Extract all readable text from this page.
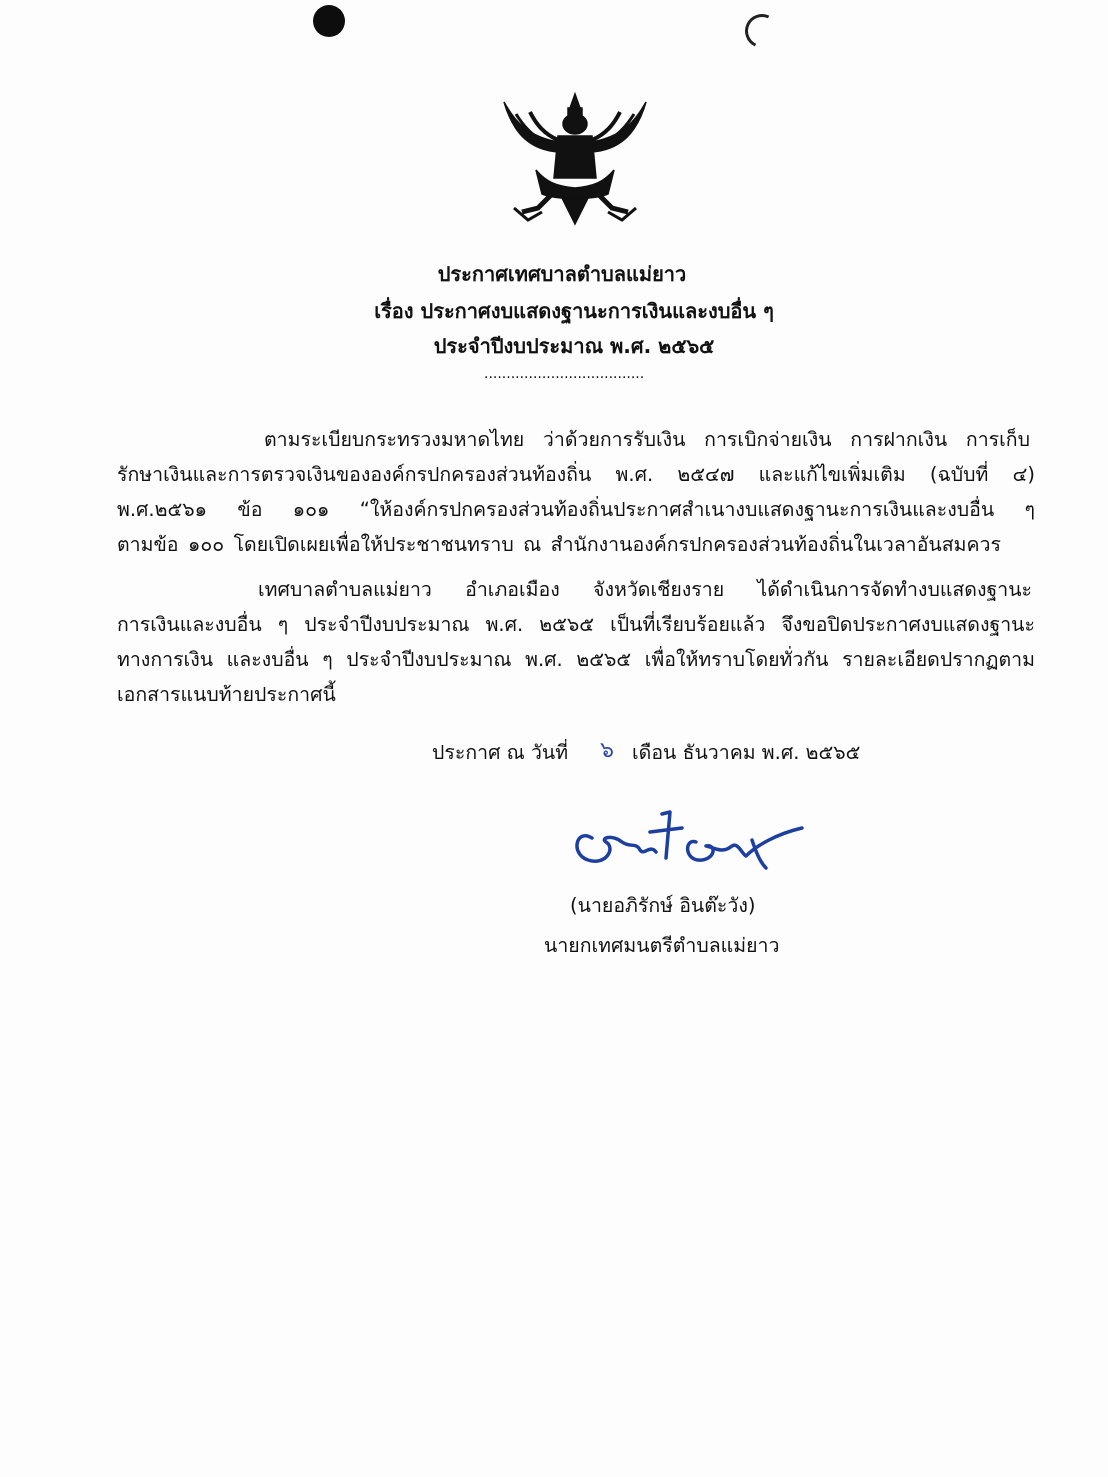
ประกาศเทศบาลตำบลแม่ยาว
เรื่อง ประกาศงบแสดงฐานะการเงินและงบอื่น ๆ
ประจำปีงบประมาณ พ.ศ. ๒๕๖๕
....................................
ตามระเบียบกระทรวงมหาดไทย ว่าด้วยการรับเงิน การเบิกจ่ายเงิน การฝากเงิน การเก็บ
รักษาเงินและการตรวจเงินขององค์กรปกครองส่วนท้องถิ่น พ.ศ. ๒๕๔๗ และแก้ไขเพิ่มเติม (ฉบับที่ ๔)
พ.ศ.๒๕๖๑ ข้อ ๑๐๑ “ให้องค์กรปกครองส่วนท้องถิ่นประกาศสำเนางบแสดงฐานะการเงินและงบอื่น ๆ
ตามข้อ ๑๐๐ โดยเปิดเผยเพื่อให้ประชาชนทราบ ณ สำนักงานองค์กรปกครองส่วนท้องถิ่นในเวลาอันสมควร
เทศบาลตำบลแม่ยาว อำเภอเมือง จังหวัดเชียงราย ได้ดำเนินการจัดทำงบแสดงฐานะ
การเงินและงบอื่น ๆ ประจำปีงบประมาณ พ.ศ. ๒๕๖๕ เป็นที่เรียบร้อยแล้ว จึงขอปิดประกาศงบแสดงฐานะ
ทางการเงิน และงบอื่น ๆ ประจำปีงบประมาณ พ.ศ. ๒๕๖๕ เพื่อให้ทราบโดยทั่วกัน รายละเอียดปรากฏตาม
เอกสารแนบท้ายประกาศนี้
ประกาศ ณ วันที่ ๖ เดือน ธันวาคม พ.ศ. ๒๕๖๕
(นายอภิรักษ์ อินต๊ะวัง)
นายกเทศมนตรีตำบลแม่ยาว
